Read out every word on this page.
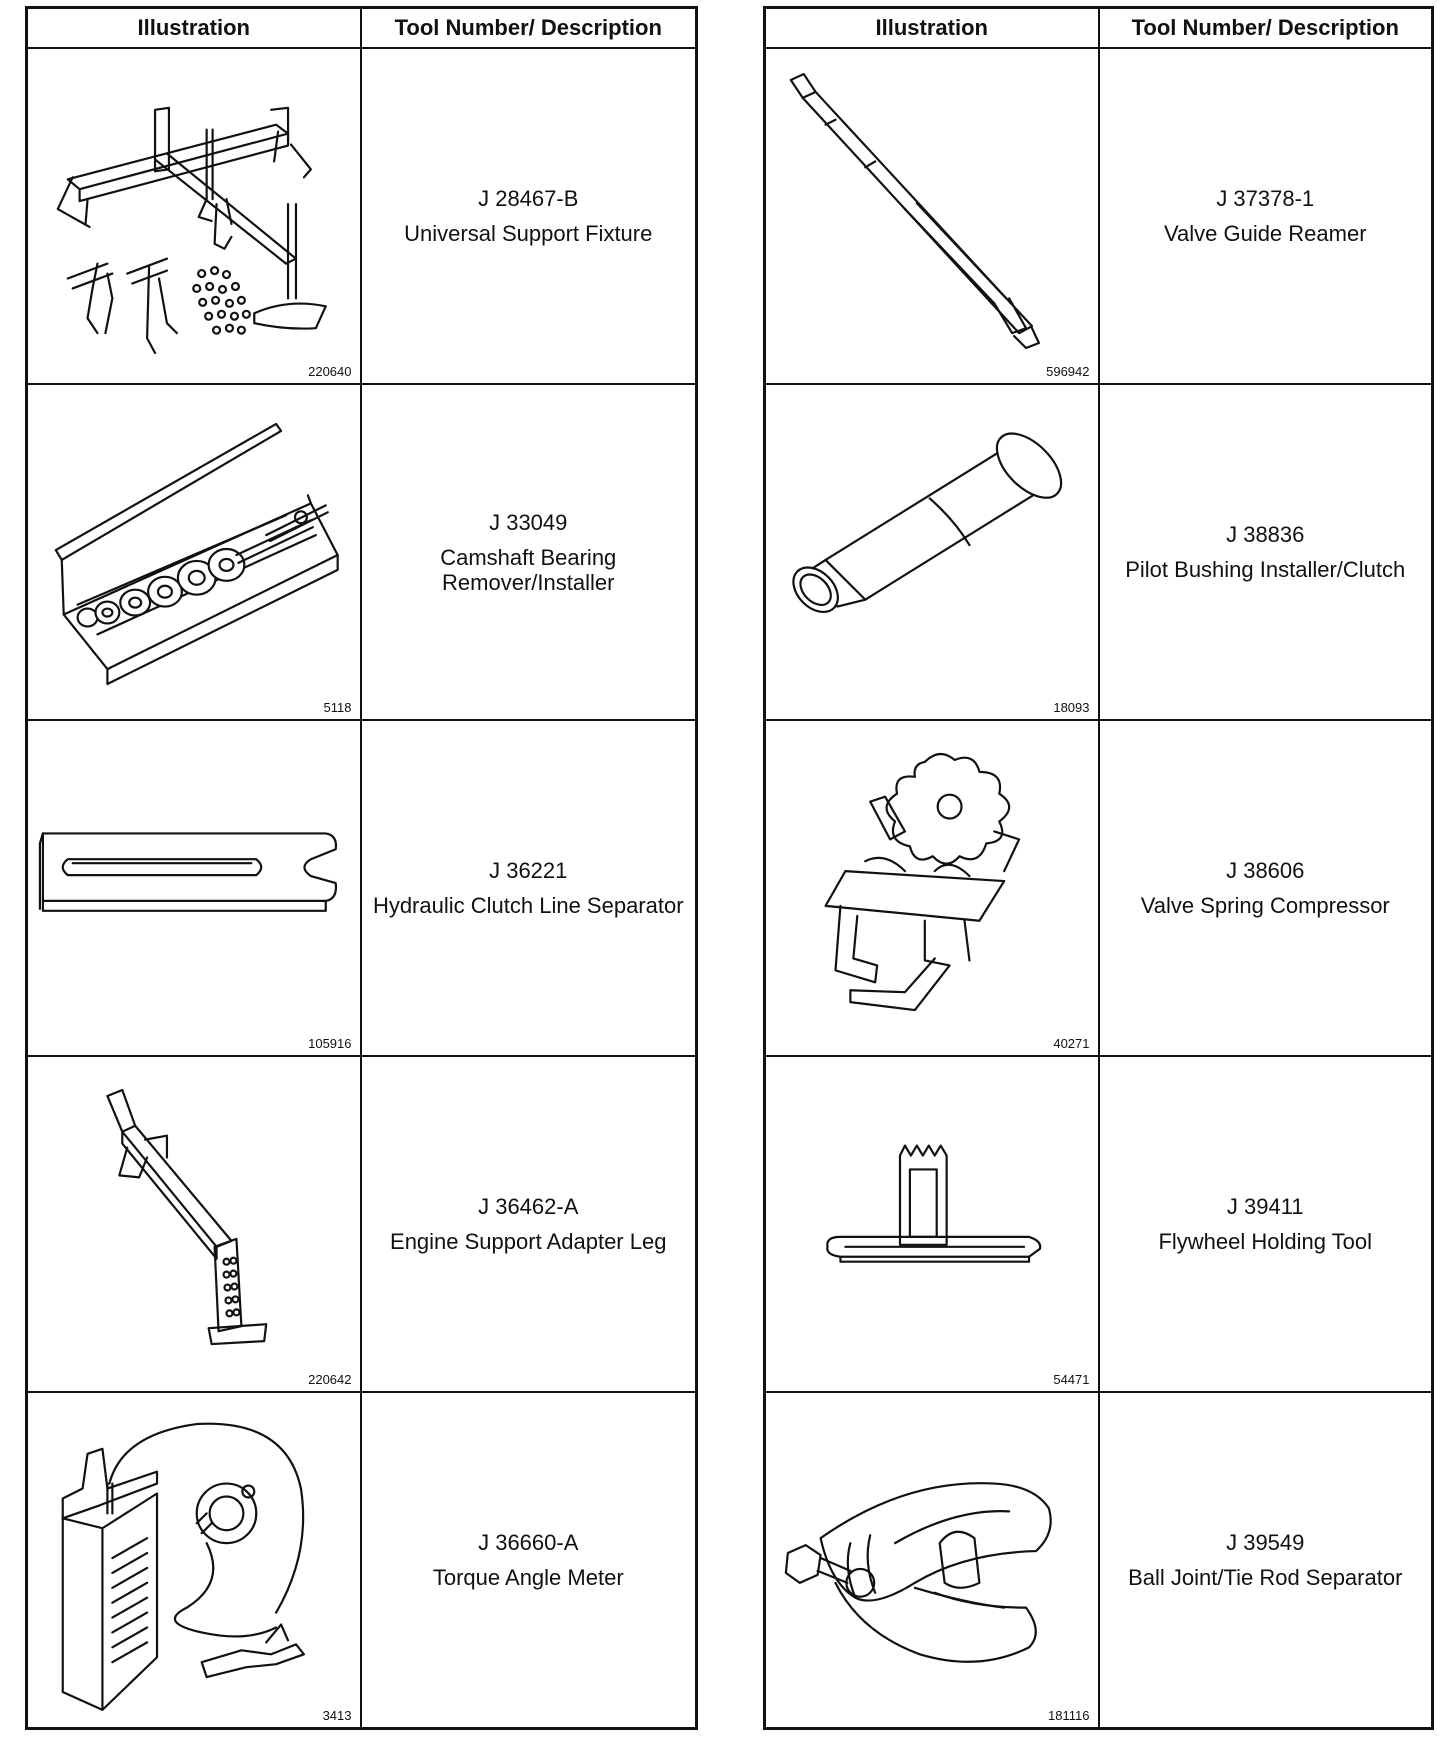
Illustration	Tool Number/ Description

220640	J 28467-B
Universal Support Fixture

5118	J 33049
Camshaft Bearing Remover/Installer

105916	J 36221
Hydraulic Clutch Line Separator

220642	J 36462-A
Engine Support Adapter Leg

3413	J 36660-A
Torque Angle Meter
Illustration	Tool Number/ Description

596942	J 37378-1
Valve Guide Reamer

18093	J 38836
Pilot Bushing Installer/Clutch

40271	J 38606
Valve Spring Compressor

54471	J 39411
Flywheel Holding Tool

181116	J 39549
Ball Joint/Tie Rod Separator
